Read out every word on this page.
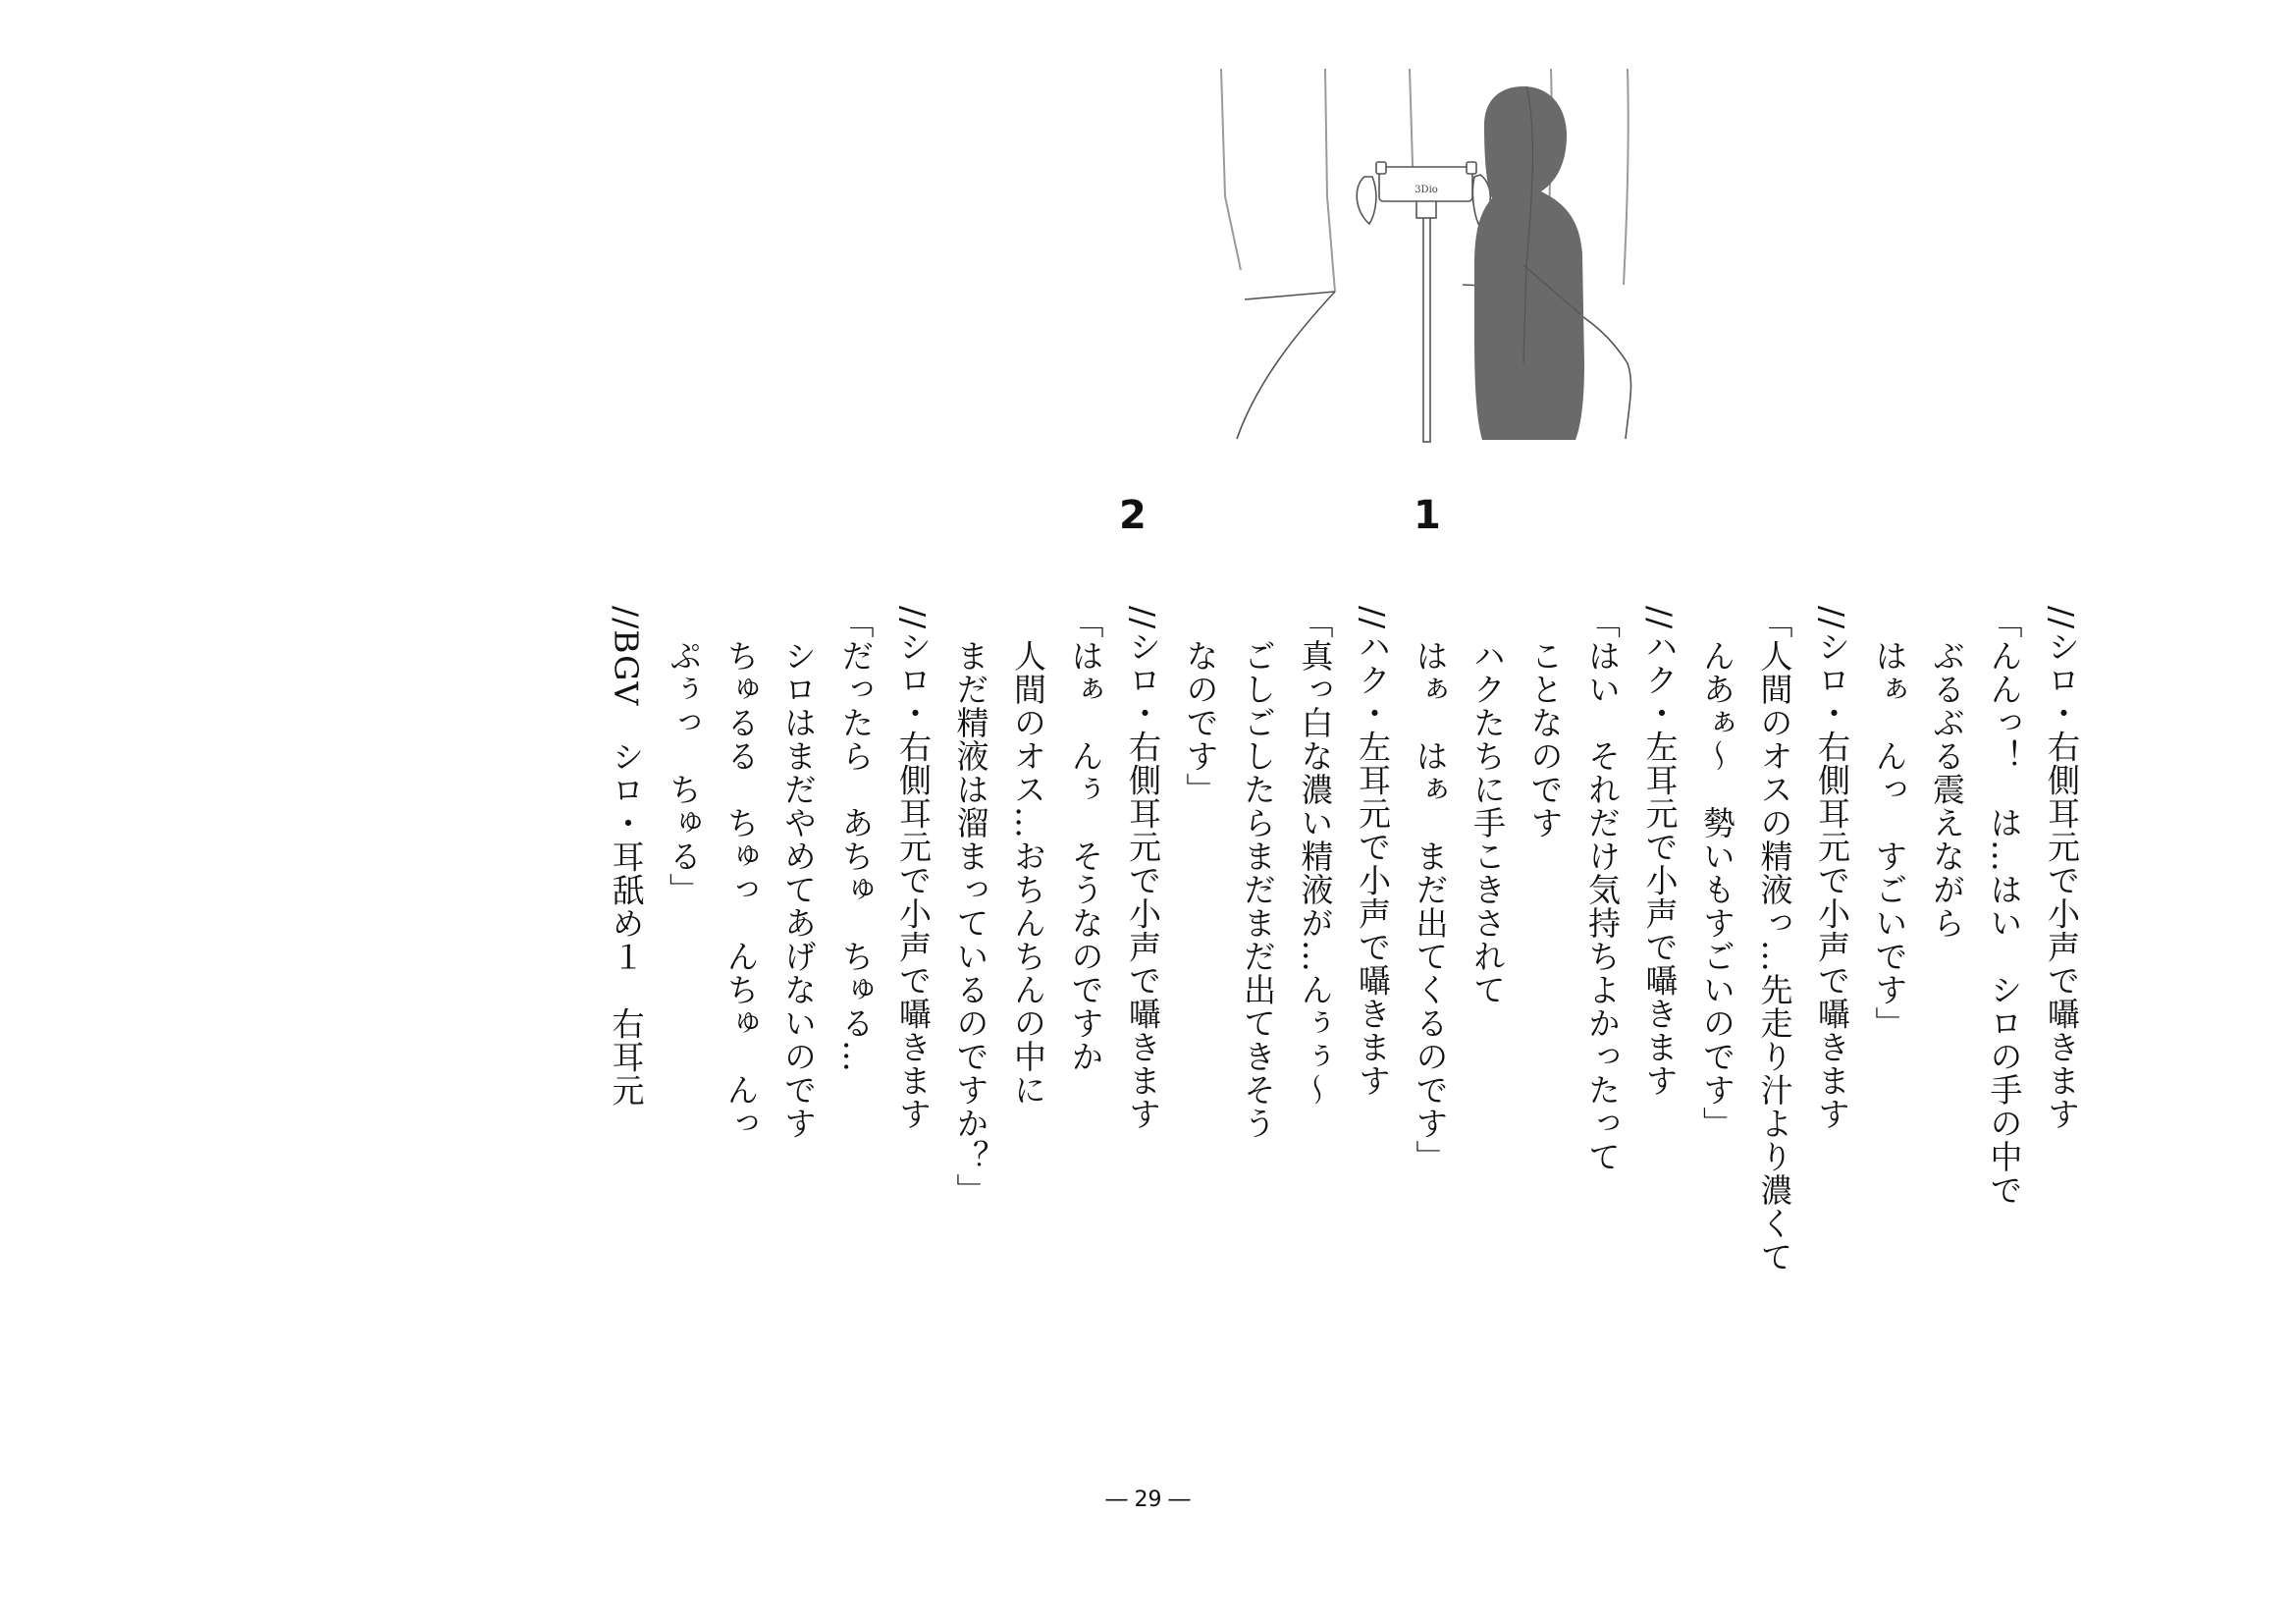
3Dio
1
2
//シロ・右側耳元で小声で囁きます
「んんっ！　は…はい　シロの手の中で
　ぶるぶる震えながら
　はぁ　んっ　すごいです」
//シロ・右側耳元で小声で囁きます
「人間のオスの精液っ…先走り汁より濃くて
　んあぁ～　勢いもすごいのです」
//ハク・左耳元で小声で囁きます
「はい　それだけ気持ちよかったって
　ことなのです
　ハクたちに手こきされて
　はぁ　はぁ　まだ出てくるのです」
//ハク・左耳元で小声で囁きます
「真っ白な濃い精液が…んぅぅ～
　ごしごしたらまだまだ出てきそう
　なのです」
//シロ・右側耳元で小声で囁きます
「はぁ　んぅ　そうなのですか
　人間のオス…おちんちんの中に
　まだ精液は溜まっているのですか？」
//シロ・右側耳元で小声で囁きます
「だったら　あちゅ　ちゅる…
　シロはまだやめてあげないのです
　ちゅるる　ちゅっ　んちゅ　んっ
　ぷぅっ　ちゅる」
//BGV　シロ・耳舐め１　右耳元
― 29 ―
